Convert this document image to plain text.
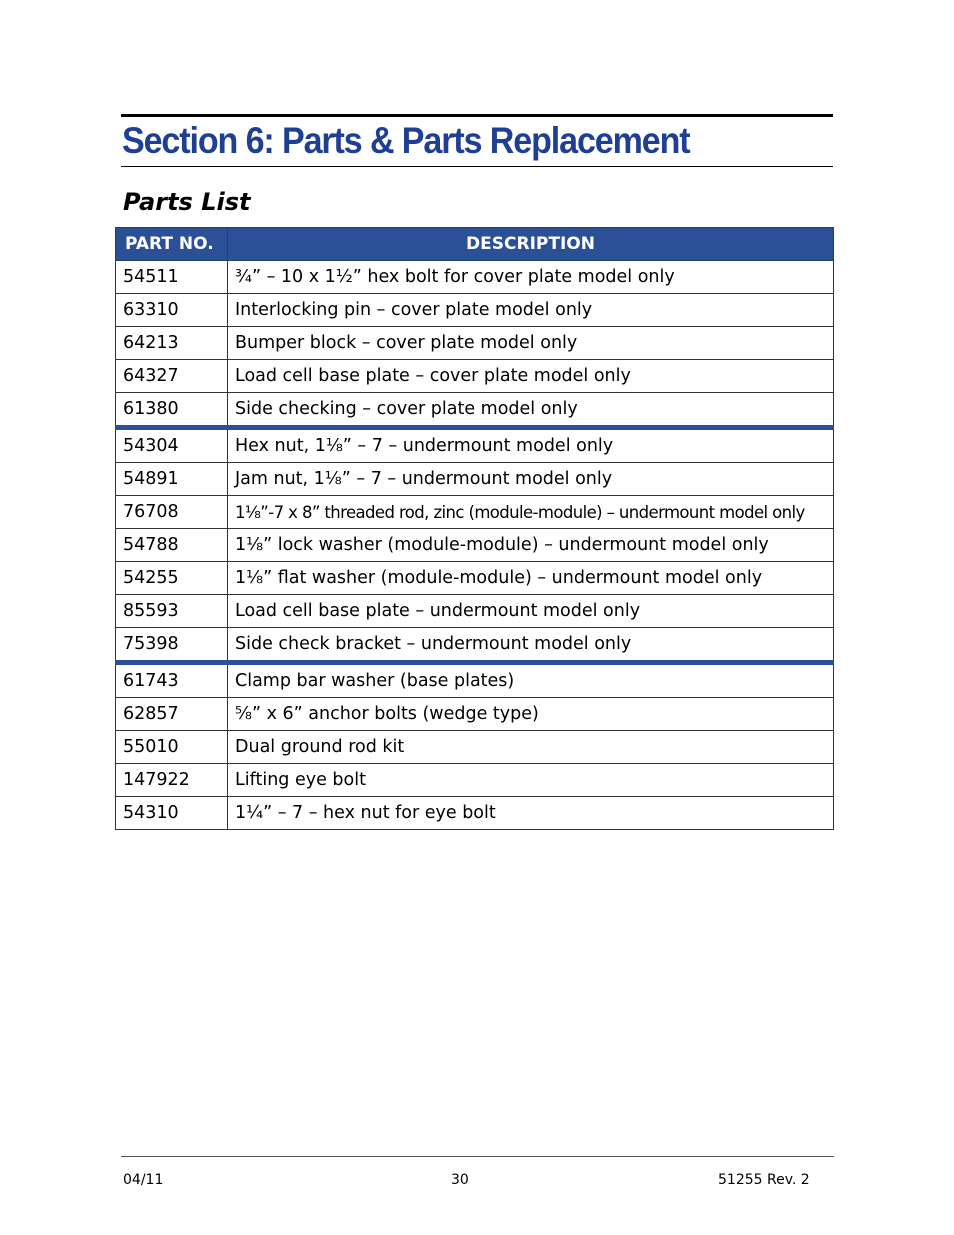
Section 6: Parts & Parts Replacement
Parts List
PART NO.	DESCRIPTION
54511	¾” – 10 x 1½” hex bolt for cover plate model only
63310	Interlocking pin – cover plate model only
64213	Bumper block – cover plate model only
64327	Load cell base plate – cover plate model only
61380	Side checking – cover plate model only
54304	Hex nut, 1⅛” – 7 – undermount model only
54891	Jam nut, 1⅛” – 7 – undermount model only
76708	1⅛”-7 x 8” threaded rod, zinc (module-module) – undermount model only
54788	1⅛” lock washer (module-module) – undermount model only
54255	1⅛” flat washer (module-module) – undermount model only
85593	Load cell base plate – undermount model only
75398	Side check bracket – undermount model only
61743	Clamp bar washer (base plates)
62857	⅝” x 6” anchor bolts (wedge type)
55010	Dual ground rod kit
147922	Lifting eye bolt
54310	1¼” – 7 – hex nut for eye bolt
04/11	30	51255 Rev. 2
